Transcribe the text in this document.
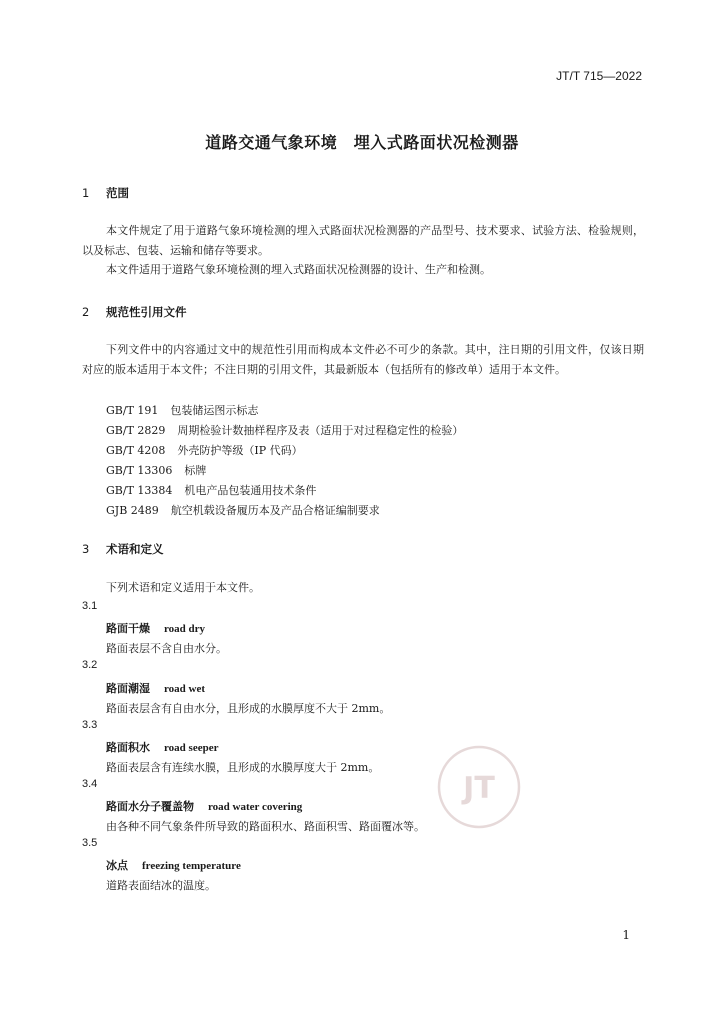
JT/T 715—2022
道路交通气象环境　埋入式路面状况检测器
1 范围

本文件规定了用于道路气象环境检测的埋入式路面状况检测器的产品型号、技术要求、试验方法、检验规则，以及标志、包装、运输和储存等要求。

本文件适用于道路气象环境检测的埋入式路面状况检测器的设计、生产和检测。

2 规范性引用文件

下列文件中的内容通过文中的规范性引用而构成本文件必不可少的条款。其中，注日期的引用文件，仅该日期对应的版本适用于本文件；不注日期的引用文件，其最新版本（包括所有的修改单）适用于本文件。

GB/T 191 包装储运图示标志
GB/T 2829 周期检验计数抽样程序及表（适用于对过程稳定性的检验）
GB/T 4208 外壳防护等级（IP 代码）
GB/T 13306 标牌
GB/T 13384 机电产品包装通用技术条件
GJB 2489 航空机载设备履历本及产品合格证编制要求
3 术语和定义
下列术语和定义适用于本文件。
3.1
路面干燥 road dry
路面表层不含自由水分。
3.2
路面潮湿 road wet
路面表层含有自由水分，且形成的水膜厚度不大于 2mm。
3.3
路面积水 road seeper
路面表层含有连续水膜，且形成的水膜厚度大于 2mm。
3.4
路面水分子覆盖物 road water covering
由各种不同气象条件所导致的路面积水、路面积雪、路面覆冰等。
3.5
冰点 freezing temperature
道路表面结冰的温度。
JT
1
